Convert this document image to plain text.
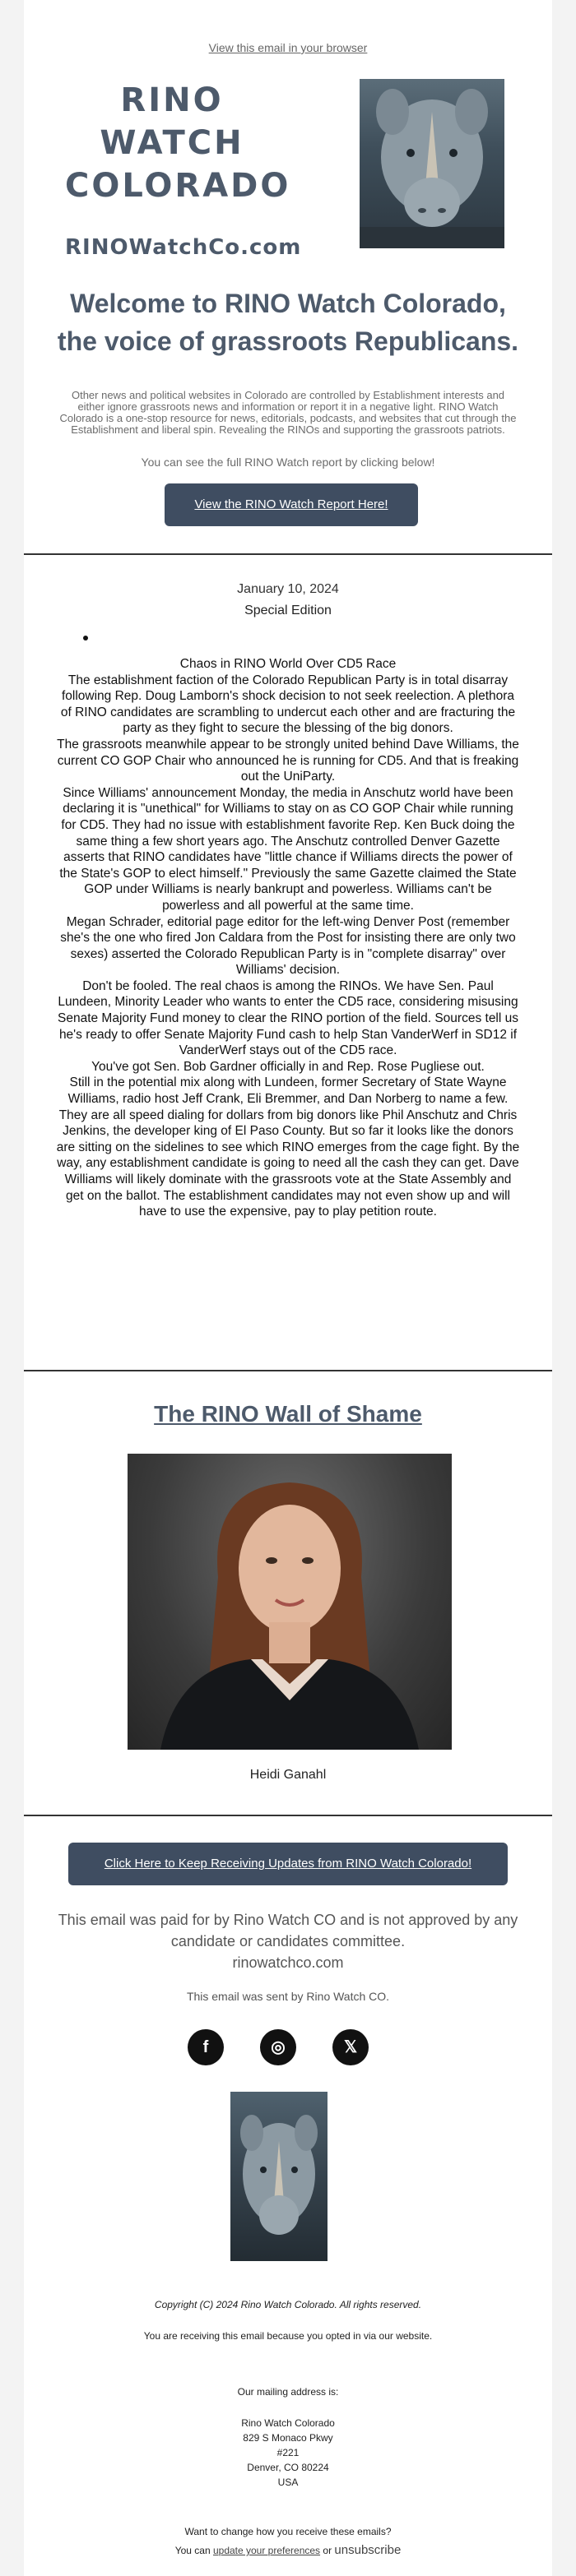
View this email in your browser
RINO WATCH
COLORADO
RINOWatchCo.com
Welcome to RINO Watch Colorado, the voice of grassroots Republicans.

Other news and political websites in Colorado are controlled by Establishment interests and either ignore grassroots news and information or report it in a negative light. RINO Watch Colorado is a one-stop resource for news, editorials, podcasts, and websites that cut through the Establishment and liberal spin. Revealing the RINOs and supporting the grassroots patriots.

You can see the full RINO Watch report by clicking below!

View the RINO Watch Report Here!
January 10, 2024
Special Edition

Chaos in RINO World Over CD5 Race

The establishment faction of the Colorado Republican Party is in total disarray following Rep. Doug Lamborn's shock decision to not seek reelection. A plethora of RINO candidates are scrambling to undercut each other and are fracturing the party as they fight to secure the blessing of the big donors.

The grassroots meanwhile appear to be strongly united behind Dave Williams, the current CO GOP Chair who announced he is running for CD5. And that is freaking out the UniParty.

Since Williams' announcement Monday, the media in Anschutz world have been declaring it is "unethical" for Williams to stay on as CO GOP Chair while running for CD5. They had no issue with establishment favorite Rep. Ken Buck doing the same thing a few short years ago. The Anschutz controlled Denver Gazette asserts that RINO candidates have "little chance if Williams directs the power of the State's GOP to elect himself." Previously the same Gazette claimed the State GOP under Williams is nearly bankrupt and powerless. Williams can't be powerless and all powerful at the same time.

Megan Schrader, editorial page editor for the left-wing Denver Post (remember she's the one who fired Jon Caldara from the Post for insisting there are only two sexes) asserted the Colorado Republican Party is in "complete disarray" over Williams' decision.

Don't be fooled. The real chaos is among the RINOs. We have Sen. Paul Lundeen, Minority Leader who wants to enter the CD5 race, considering misusing Senate Majority Fund money to clear the RINO portion of the field. Sources tell us he's ready to offer Senate Majority Fund cash to help Stan VanderWerf in SD12 if VanderWerf stays out of the CD5 race.

You've got Sen. Bob Gardner officially in and Rep. Rose Pugliese out.

Still in the potential mix along with Lundeen, former Secretary of State Wayne Williams, radio host Jeff Crank, Eli Bremmer, and Dan Norberg to name a few. They are all speed dialing for dollars from big donors like Phil Anschutz and Chris Jenkins, the developer king of El Paso County. But so far it looks like the donors are sitting on the sidelines to see which RINO emerges from the cage fight. By the way, any establishment candidate is going to need all the cash they can get. Dave Williams will likely dominate with the grassroots vote at the State Assembly and get on the ballot. The establishment candidates may not even show up and will have to use the expensive, pay to play petition route.

The RINO Wall of Shame
Heidi Ganahl
Click Here to Keep Receiving Updates from RINO Watch Colorado!
This email was paid for by Rino Watch CO and is not approved by any candidate or candidates committee.
rinowatchco.com
This email was sent by Rino Watch CO.
f	◎	𝕏
Copyright (C) 2024 Rino Watch Colorado. All rights reserved.
You are receiving this email because you opted in via our website.
Our mailing address is:
Rino Watch Colorado
829 S Monaco Pkwy
#221
Denver, CO 80224
USA
Want to change how you receive these emails?
You can update your preferences or unsubscribe
